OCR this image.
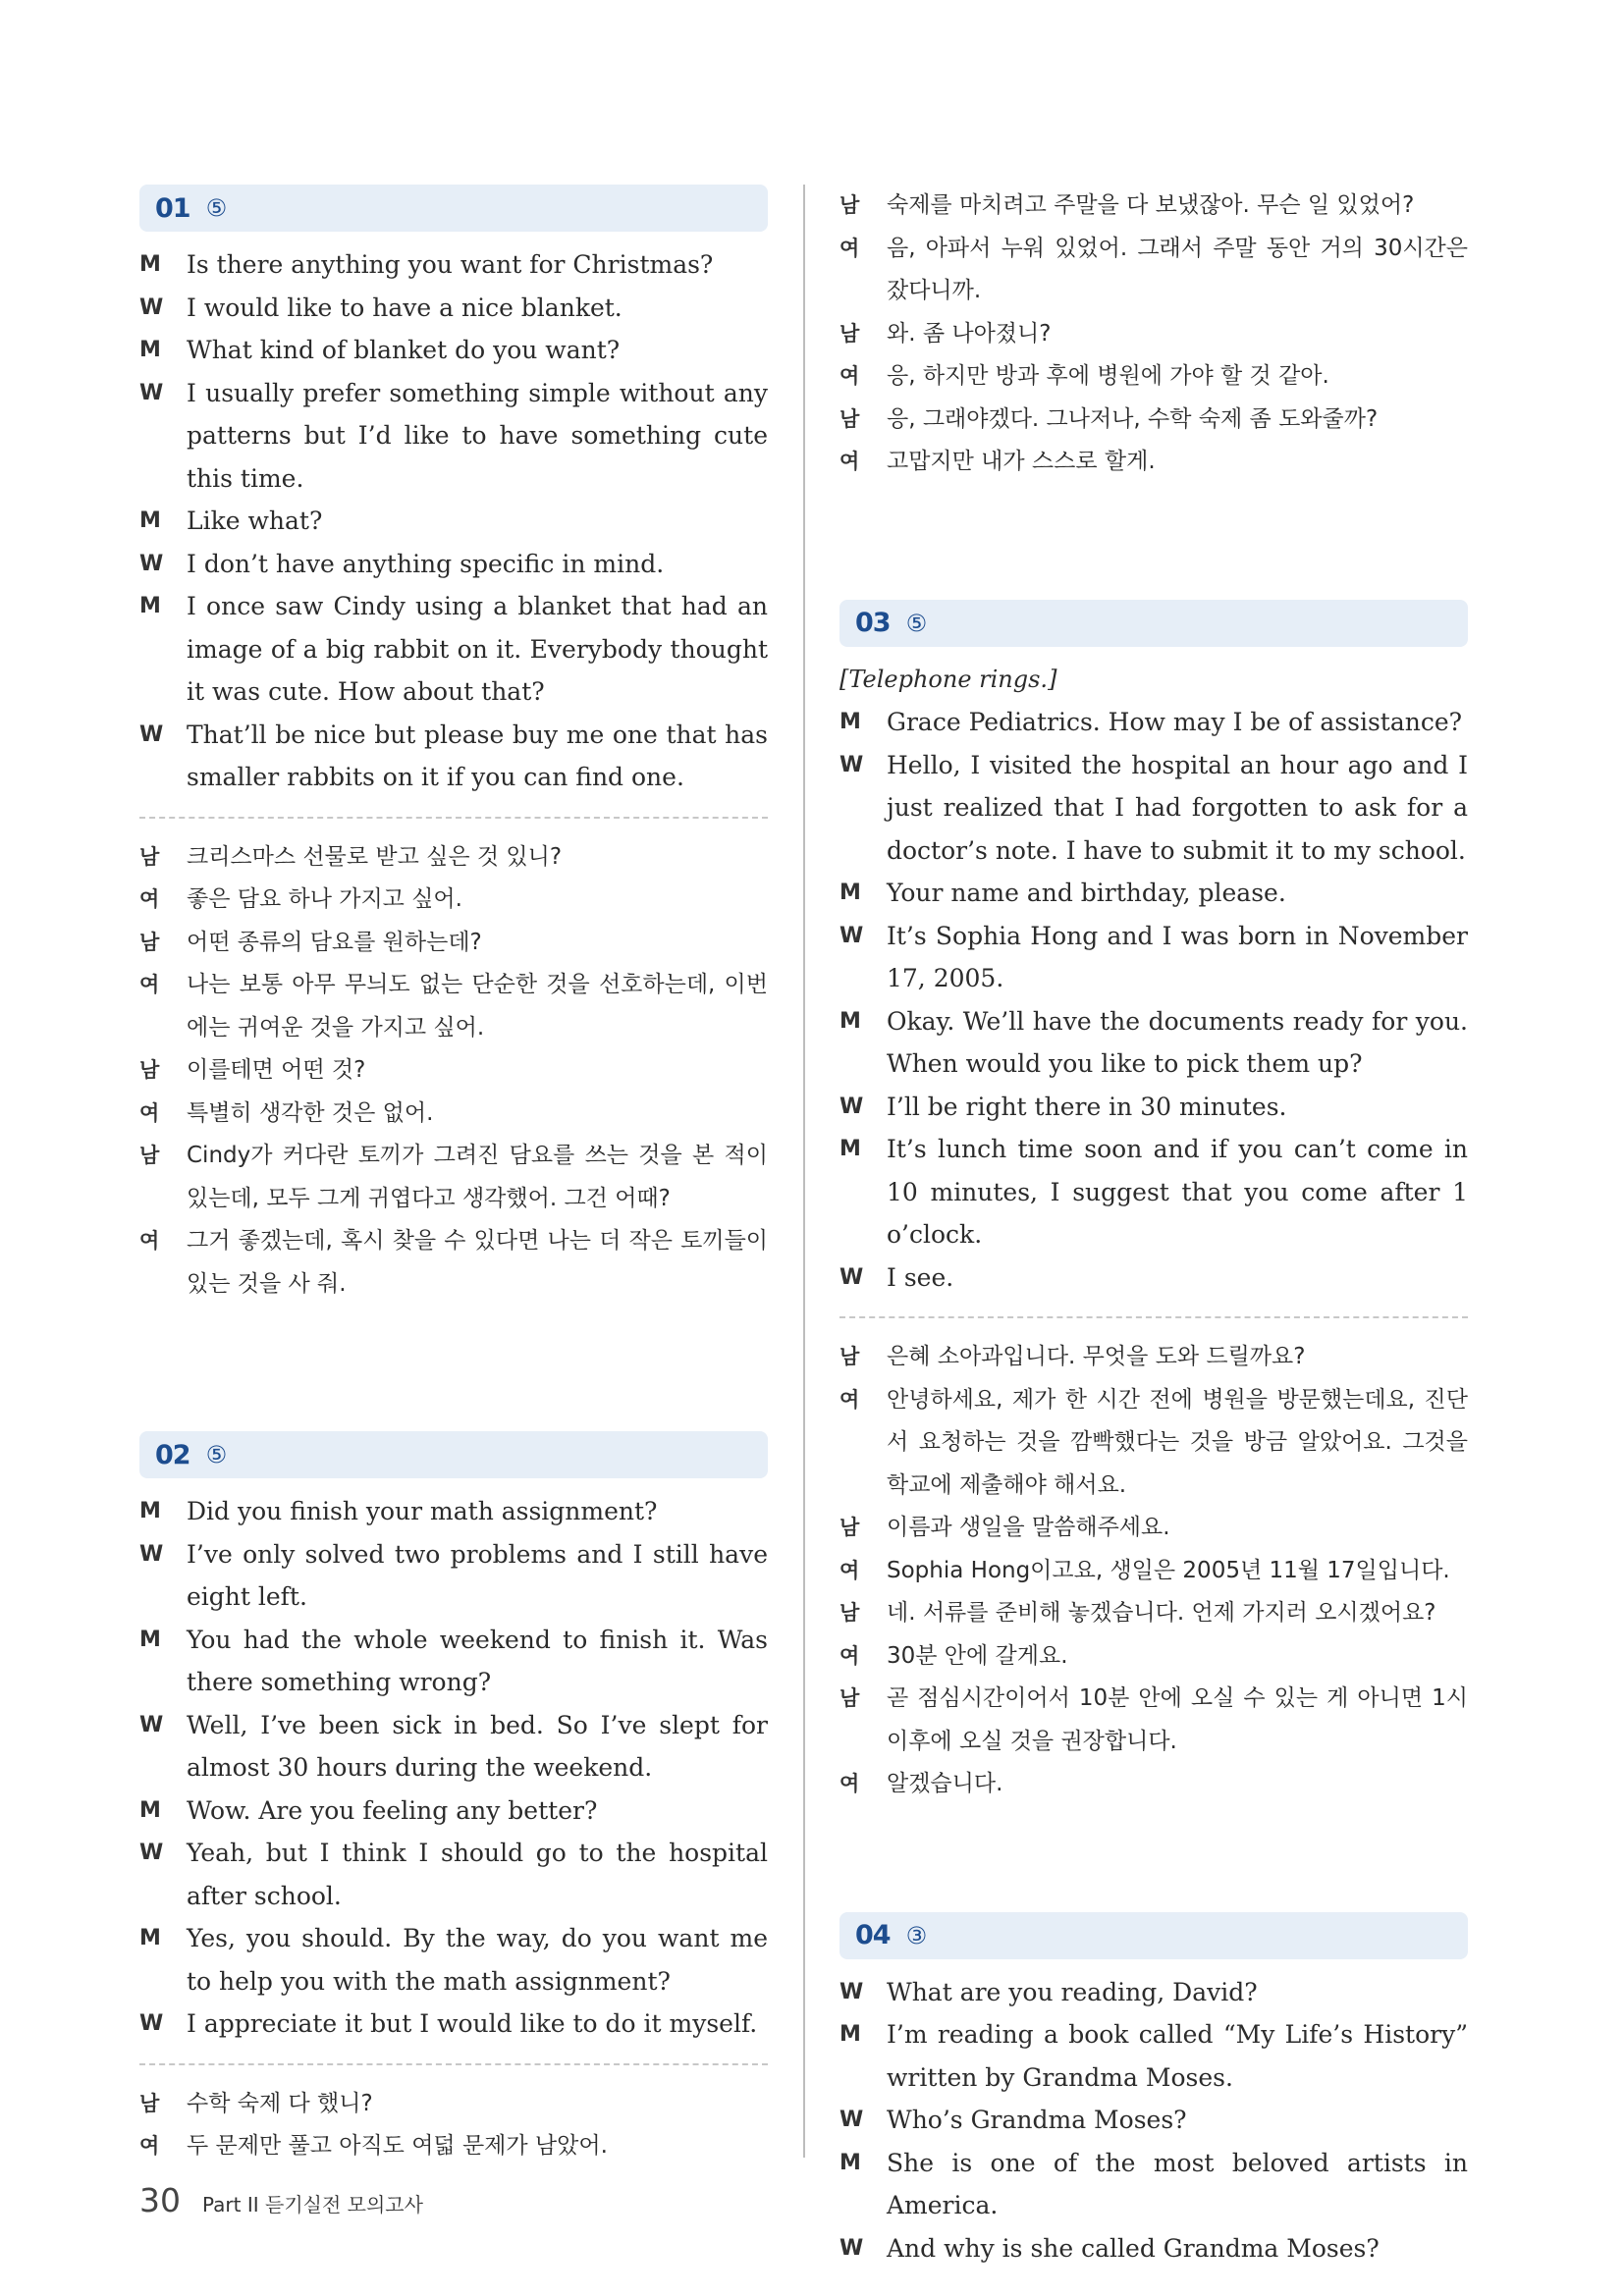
01 ⑤
M	Is there anything you want for Christmas?
W I would like to have a nice blanket.
M	What kind of blanket do you want?
W I usually prefer something simple without any patterns but I’d like to have something cute this time.
M	Like what?
W I don’t have anything specific in mind.
M	I once saw Cindy using a blanket that had an image of a big rabbit on it. Everybody thought it was cute. How about that?
W That’ll be nice but please buy me one that has smaller rabbits on it if you can find one.
남	크리스마스 선물로 받고 싶은 것 있니?
여	좋은 담요 하나 가지고 싶어.
남	어떤 종류의 담요를 원하는데?
여	나는 보통 아무 무늬도 없는 단순한 것을 선호하는데, 이번에는 귀여운 것을 가지고 싶어.
남	이를테면 어떤 것?
여	특별히 생각한 것은 없어.
남	Cindy가 커다란 토끼가 그려진 담요를 쓰는 것을 본 적이 있는데, 모두 그게 귀엽다고 생각했어. 그건 어때?
여	그거 좋겠는데, 혹시 찾을 수 있다면 나는 더 작은 토끼들이 있는 것을 사 줘.
02 ⑤
M	Did you finish your math assignment?
W I’ve only solved two problems and I still have eight left.
M	You had the whole weekend to finish it. Was there something wrong?
W Well, I’ve been sick in bed. So I’ve slept for almost 30 hours during the weekend.
M	Wow. Are you feeling any better?
W Yeah, but I think I should go to the hospital after school.
M	Yes, you should. By the way, do you want me to help you with the math assignment?
W I appreciate it but I would like to do it myself.
남	수학 숙제 다 했니?
여	두 문제만 풀고 아직도 여덟 문제가 남았어.
남	숙제를 마치려고 주말을 다 보냈잖아. 무슨 일 있었어?
여	음, 아파서 누워 있었어. 그래서 주말 동안 거의 30시간은 잤다니까.
남	와. 좀 나아졌니?
여	응, 하지만 방과 후에 병원에 가야 할 것 같아.
남	응, 그래야겠다. 그나저나, 수학 숙제 좀 도와줄까?
여	고맙지만 내가 스스로 할게.
03 ⑤
[Telephone rings.]
M	Grace Pediatrics. How may I be of assistance?
W Hello, I visited the hospital an hour ago and I just realized that I had forgotten to ask for a doctor’s note. I have to submit it to my school.
M	Your name and birthday, please.
W It’s Sophia Hong and I was born in November 17, 2005.
M	Okay. We’ll have the documents ready for you. When would you like to pick them up?
W I’ll be right there in 30 minutes.
M	It’s lunch time soon and if you can’t come in 10 minutes, I suggest that you come after 1 o’clock.
W I see.
남	은혜 소아과입니다. 무엇을 도와 드릴까요?
여	안녕하세요, 제가 한 시간 전에 병원을 방문했는데요, 진단서 요청하는 것을 깜빡했다는 것을 방금 알았어요. 그것을 학교에 제출해야 해서요.
남	이름과 생일을 말씀해주세요.
여	Sophia Hong이고요, 생일은 2005년 11월 17일입니다.
남	네. 서류를 준비해 놓겠습니다. 언제 가지러 오시겠어요?
여	30분 안에 갈게요.
남	곧 점심시간이어서 10분 안에 오실 수 있는 게 아니면 1시 이후에 오실 것을 권장합니다.
여	알겠습니다.
04 ③
W What are you reading, David?
M	I’m reading a book called “My Life’s History” written by Grandma Moses.
W Who’s Grandma Moses?
M	She is one of the most beloved artists in America.
W And why is she called Grandma Moses?
30 Part II 듣기실전 모의고사
